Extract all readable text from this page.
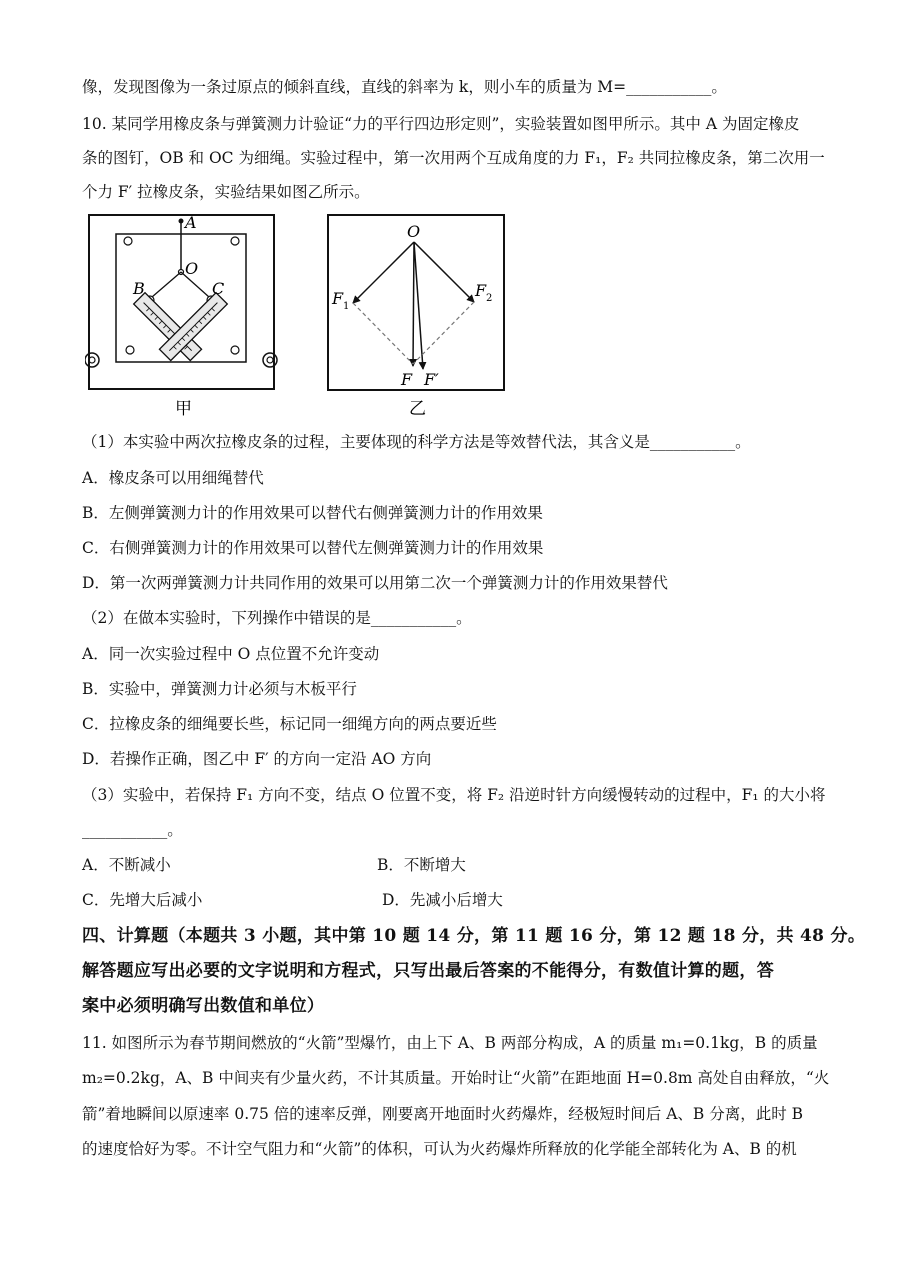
像，发现图像为一条过原点的倾斜直线，直线的斜率为 k，则小车的质量为 M=___________。
10. 某同学用橡皮条与弹簧测力计验证“力的平行四边形定则”，实验装置如图甲所示。其中 A 为固定橡皮
条的图钉，OB 和 OC 为细绳。实验过程中，第一次用两个互成角度的力 F₁，F₂ 共同拉橡皮条，第二次用一
个力 F′ 拉橡皮条，实验结果如图乙所示。
A
O
B	C
甲
O
F 1
F 2
F F′
乙
（1）本实验中两次拉橡皮条的过程，主要体现的科学方法是等效替代法，其含义是___________。
A．橡皮条可以用细绳替代
B．左侧弹簧测力计的作用效果可以替代右侧弹簧测力计的作用效果
C．右侧弹簧测力计的作用效果可以替代左侧弹簧测力计的作用效果
D．第一次两弹簧测力计共同作用的效果可以用第二次一个弹簧测力计的作用效果替代
（2）在做本实验时，下列操作中错误的是___________。
A．同一次实验过程中 O 点位置不允许变动
B．实验中，弹簧测力计必须与木板平行
C．拉橡皮条的细绳要长些，标记同一细绳方向的两点要近些
D．若操作正确，图乙中 F′ 的方向一定沿 AO 方向
（3）实验中，若保持 F₁ 方向不变，结点 O 位置不变，将 F₂ 沿逆时针方向缓慢转动的过程中，F₁ 的大小将
___________。
A．不断减小	B．不断增大
C．先增大后减小	D．先减小后增大
四、计算题（本题共 3 小题，其中第 10 题 14 分，第 11 题 16 分，第 12 题 18 分，共 48 分。
解答题应写出必要的文字说明和方程式，只写出最后答案的不能得分，有数值计算的题，答
案中必须明确写出数值和单位）
11. 如图所示为春节期间燃放的“火箭”型爆竹，由上下 A、B 两部分构成，A 的质量 m₁=0.1kg，B 的质量
m₂=0.2kg，A、B 中间夹有少量火药，不计其质量。开始时让“火箭”在距地面 H=0.8m 高处自由释放，“火
箭”着地瞬间以原速率 0.75 倍的速率反弹，刚要离开地面时火药爆炸，经极短时间后 A、B 分离，此时 B
的速度恰好为零。不计空气阻力和“火箭”的体积，可认为火药爆炸所释放的化学能全部转化为 A、B 的机
